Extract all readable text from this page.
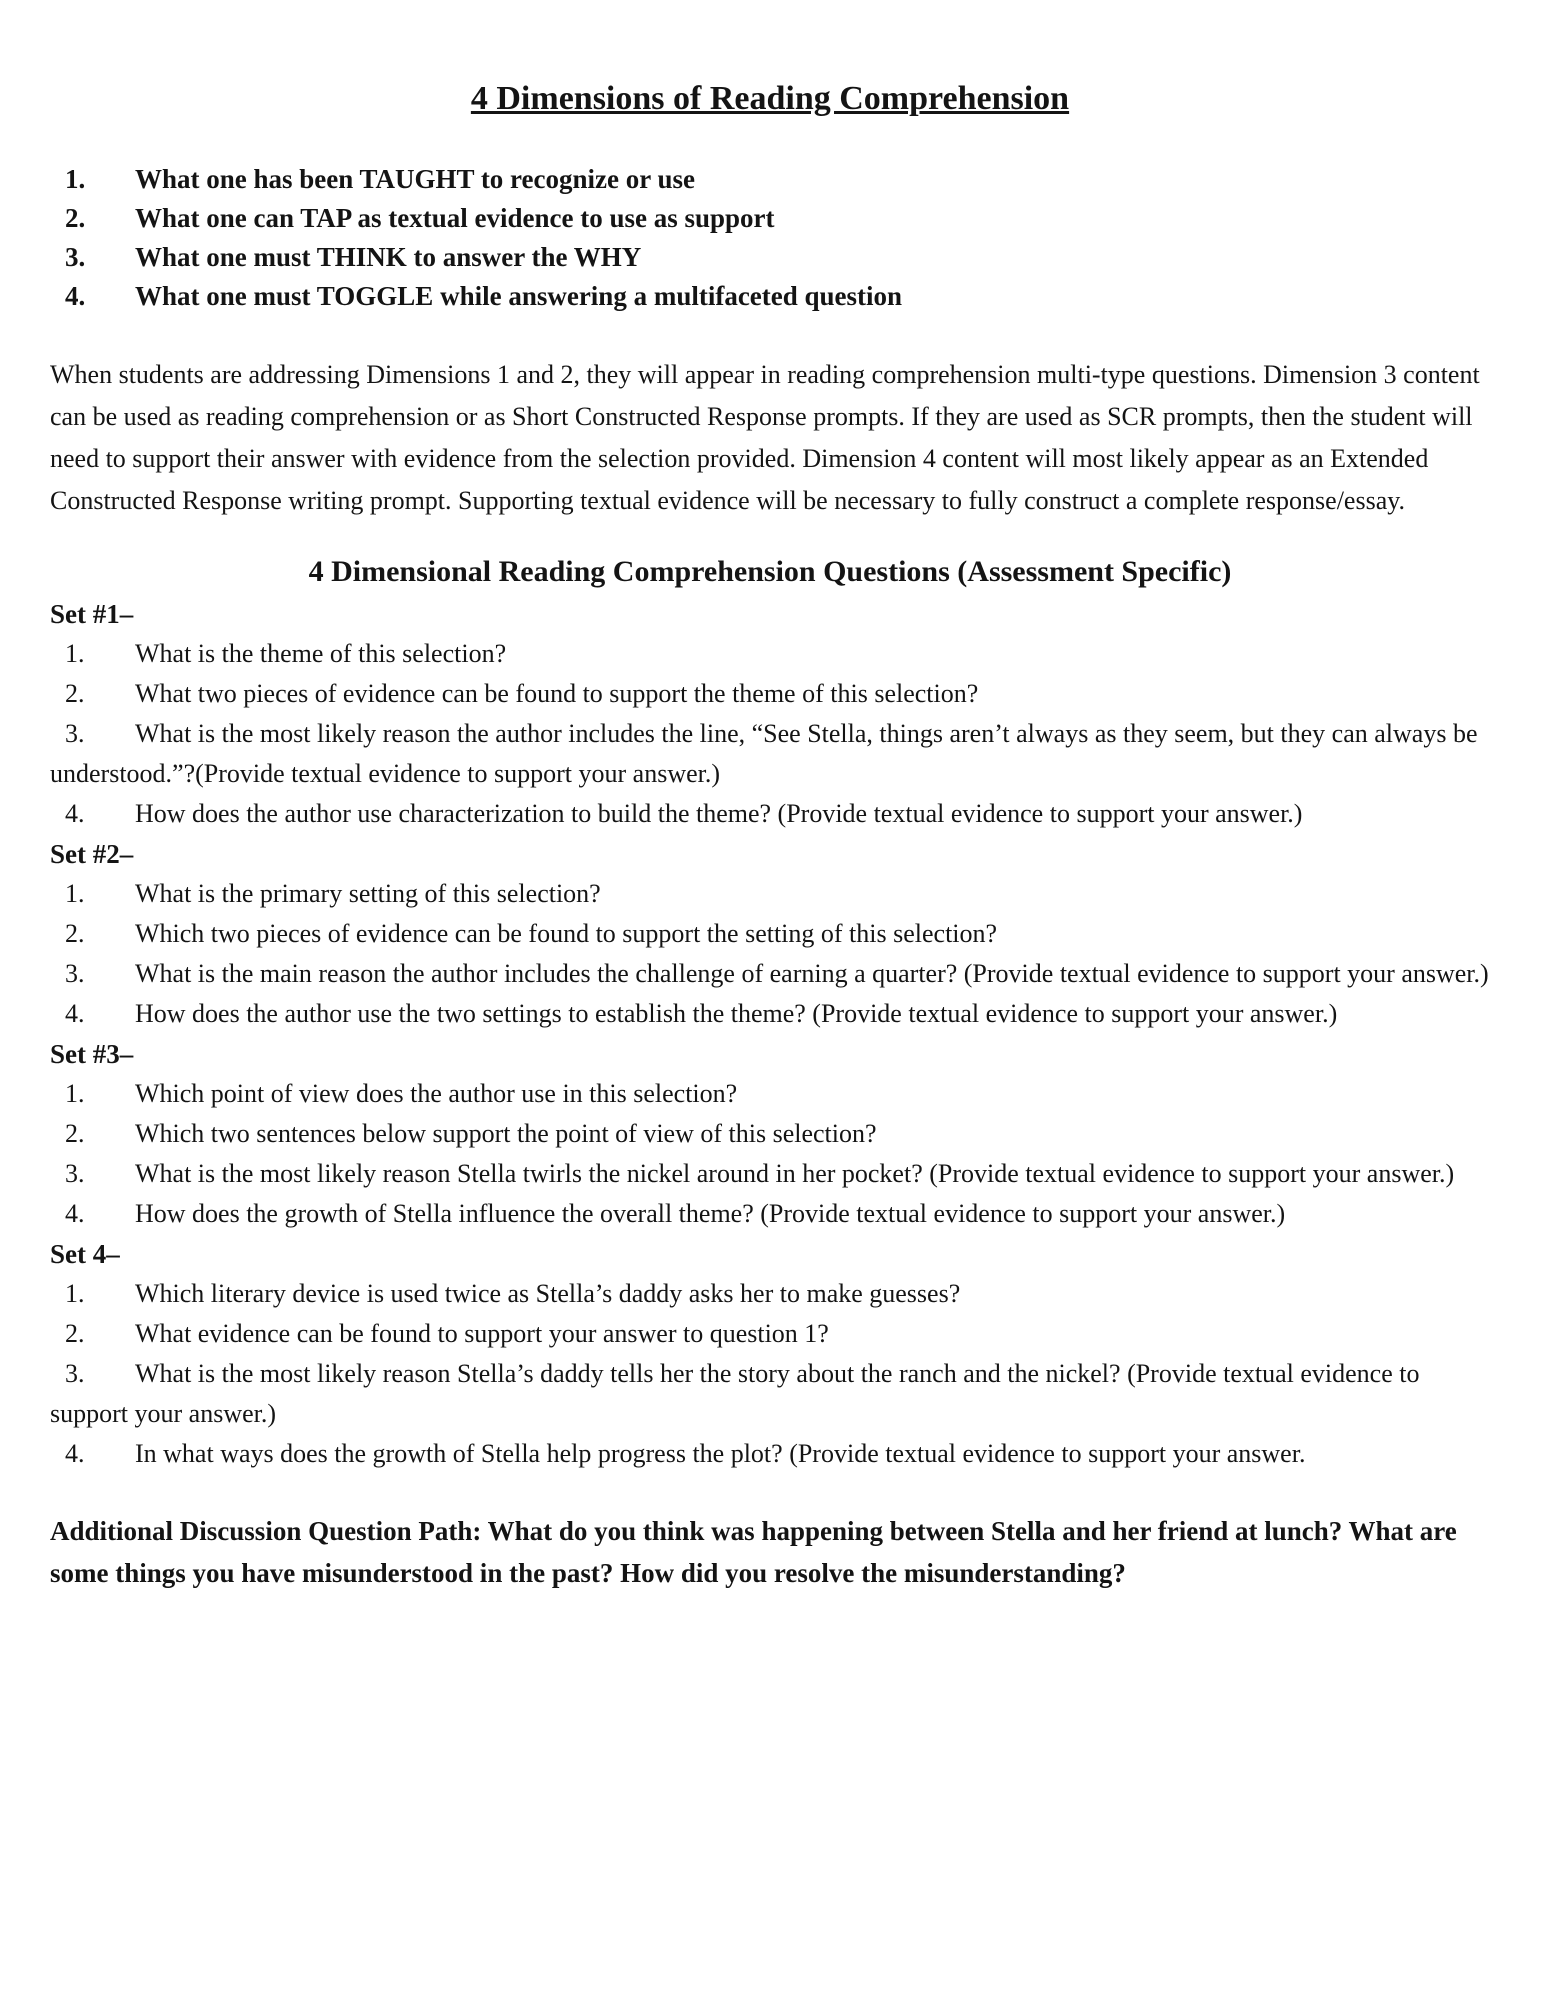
4 Dimensions of Reading Comprehension

1. What one has been TAUGHT to recognize or use

2. What one can TAP as textual evidence to use as support

3. What one must THINK to answer the WHY

4. What one must TOGGLE while answering a multifaceted question

When students are addressing Dimensions 1 and 2, they will appear in reading comprehension multi-type questions. Dimension 3 content can be used as reading comprehension or as Short Constructed Response prompts. If they are used as SCR prompts, then the student will need to support their answer with evidence from the selection provided. Dimension 4 content will most likely appear as an Extended Constructed Response writing prompt. Supporting textual evidence will be necessary to fully construct a complete response/essay.

4 Dimensional Reading Comprehension Questions (Assessment Specific)

Set #1–

1. What is the theme of this selection?

2. What two pieces of evidence can be found to support the theme of this selection?

3. What is the most likely reason the author includes the line, “See Stella, things aren’t always as they seem, but they can always be understood.”?(Provide textual evidence to support your answer.)

4. How does the author use characterization to build the theme? (Provide textual evidence to support your answer.)

Set #2–

1. What is the primary setting of this selection?

2. Which two pieces of evidence can be found to support the setting of this selection?

3. What is the main reason the author includes the challenge of earning a quarter? (Provide textual evidence to support your answer.)

4. How does the author use the two settings to establish the theme? (Provide textual evidence to support your answer.)

Set #3–

1. Which point of view does the author use in this selection?

2. Which two sentences below support the point of view of this selection?

3. What is the most likely reason Stella twirls the nickel around in her pocket? (Provide textual evidence to support your answer.)

4. How does the growth of Stella influence the overall theme? (Provide textual evidence to support your answer.)

Set 4–

1. Which literary device is used twice as Stella’s daddy asks her to make guesses?

2. What evidence can be found to support your answer to question 1?

3. What is the most likely reason Stella’s daddy tells her the story about the ranch and the nickel? (Provide textual evidence to support your answer.)

4. In what ways does the growth of Stella help progress the plot? (Provide textual evidence to support your answer.

Additional Discussion Question Path: What do you think was happening between Stella and her friend at lunch? What are some things you have misunderstood in the past? How did you resolve the misunderstanding?
